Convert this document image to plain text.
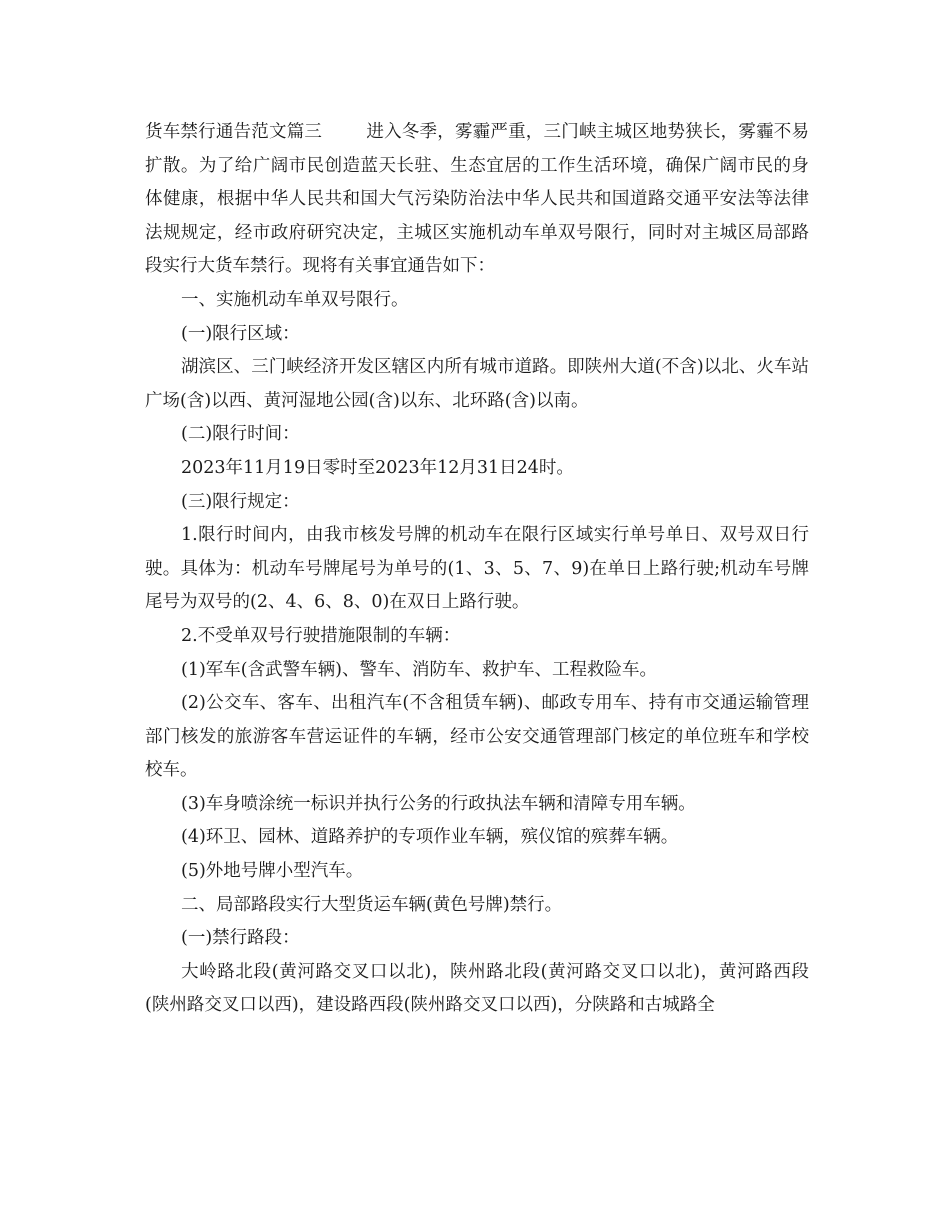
货车禁行通告范文篇三	进入冬季，雾霾严重，三门峡主城区地势狭长，雾霾不易扩散。为了给广阔市民创造蓝天长驻、生态宜居的工作生活环境，确保广阔市民的身体健康，根据中华人民共和国大气污染防治法中华人民共和国道路交通平安法等法律法规规定，经市政府研究决定，主城区实施机动车单双号限行，同时对主城区局部路段实行大货车禁行。现将有关事宜通告如下：

一、实施机动车单双号限行。

(一)限行区域：

湖滨区、三门峡经济开发区辖区内所有城市道路。即陕州大道(不含)以北、火车站广场(含)以西、黄河湿地公园(含)以东、北环路(含)以南。

(二)限行时间：

2023年11月19日零时至2023年12月31日24时。

(三)限行规定：

1.限行时间内，由我市核发号牌的机动车在限行区域实行单号单日、双号双日行驶。具体为：机动车号牌尾号为单号的(1、3、5、7、9)在单日上路行驶;机动车号牌尾号为双号的(2、4、6、8、0)在双日上路行驶。

2.不受单双号行驶措施限制的车辆：

(1)军车(含武警车辆)、警车、消防车、救护车、工程救险车。

(2)公交车、客车、出租汽车(不含租赁车辆)、邮政专用车、持有市交通运输管理部门核发的旅游客车营运证件的车辆，经市公安交通管理部门核定的单位班车和学校校车。

(3)车身喷涂统一标识并执行公务的行政执法车辆和清障专用车辆。

(4)环卫、园林、道路养护的专项作业车辆，殡仪馆的殡葬车辆。

(5)外地号牌小型汽车。

二、局部路段实行大型货运车辆(黄色号牌)禁行。

(一)禁行路段：

大岭路北段(黄河路交叉口以北)，陕州路北段(黄河路交叉口以北)，黄河路西段(陕州路交叉口以西)，建设路西段(陕州路交叉口以西)，分陕路和古城路全
